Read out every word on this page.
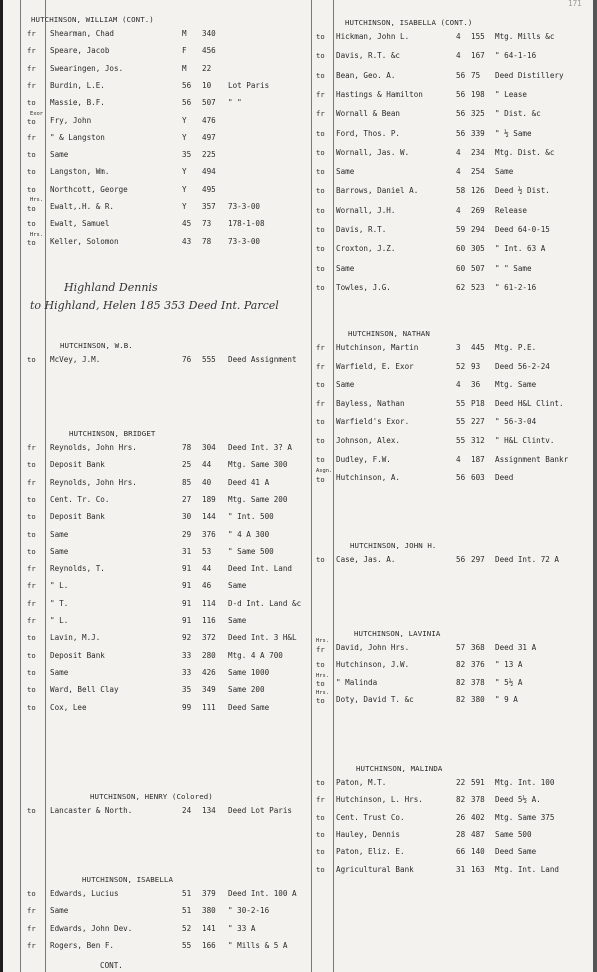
171
HUTCHINSON, WILLIAM (CONT.)
fr Shearman, Chad	M 340
fr Speare, Jacob	F 456
fr Swearingen, Jos.	M 22
fr Burdin, L.E.	56 10 Lot Paris
to Massie, B.F.	56 507 " "
Exor
to Fry, John	Y 476
fr " & Langston	Y 497
to Same	35 225
to Langston, Wm.	Y 494
to Northcott, George	Y 495
Hrs.
to Ewalt,.H. & R.	Y 357 73-3-00
to Ewalt, Samuel	45 73 178-1-08
Hrs.
to Keller, Solomon	43 78 73-3-00
HUTCHINSON, W.B.
to McVey, J.M.	76 555 Deed Assignment
HUTCHINSON, BRIDGET
fr Reynolds, John Hrs.	78 304 Deed Int. 3? A
to Deposit Bank	25 44 Mtg. Same 300
fr Reynolds, John Hrs.	85 40 Deed 41 A
to Cent. Tr. Co.	27 189 Mtg. Same 200
to Deposit Bank	30 144 " Int. 500
to Same	29 376 " 4 A 300
to Same	31 53 " Same 500
fr Reynolds, T.	91 44 Deed Int. Land
fr " L.	91 46 Same
fr " T.	91 114 D-d Int. Land &c
fr " L.	91 116 Same
to Lavin, M.J.	92 372 Deed Int. 3 H&L
to Deposit Bank	33 280 Mtg. 4 A 700
to Same	33 426 Same 1000
to Ward, Bell Clay	35 349 Same 200
to Cox, Lee	99 111 Deed Same
HUTCHINSON, HENRY (Colored)
to Lancaster & North.	24 134 Deed Lot Paris
HUTCHINSON, ISABELLA
to Edwards, Lucius	51 379 Deed Int. 100 A
fr Same	51 380 " 30-2-16
fr Edwards, John Dev.	52 141 " 33 A
fr Rogers, Ben F.	55 166 " Mills & 5 A
HUTCHINSON, ISABELLA (CONT.)
to Hickman, John L.	4 155 Mtg. Mills &c
to Davis, R.T. &c	4 167 " 64-1-16
to Bean, Geo. A.	56 75 Deed Distillery
fr Hastings & Hamilton	56 198 " Lease
fr Wornall & Bean	56 325 " Dist. &c
to Ford, Thos. P.	56 339 " ½ Same
to Wornall, Jas. W.	4 234 Mtg. Dist. &c
to Same	4 254 Same
to Barrows, Daniel A.	58 126 Deed ½ Dist.
to Wornall, J.H.	4 269 Release
to Davis, R.T.	59 294 Deed 64-0-15
to Croxton, J.Z.	60 305 " Int. 63 A
to Same	60 507 " " Same
to Towles, J.G.	62 523 " 61-2-16
HUTCHINSON, NATHAN
fr Hutchinson, Martin	3 445 Mtg. P.E.
fr Warfield, E. Exor	52 93 Deed 56-2-24
to Same	4 36 Mtg. Same
fr Bayless, Nathan	55 P18 Deed H&L Clint.
to Warfield's Exor.	55 227 " 56-3-04
to Johnson, Alex.	55 312 " H&L Clintv.
to Dudley, F.W.	4 187 Assignment Bankr
Asgn.
to Hutchinson, A.	56 603 Deed
HUTCHINSON, JOHN H.
to Case, Jas. A.	56 297 Deed Int. 72 A
HUTCHINSON, LAVINIA
Hrs.
fr David, John Hrs.	57 368 Deed 31 A
to Hutchinson, J.W.	82 376 " 13 A
Hrs.
to " Malinda	82 378 " 5½ A
Hrs.
to Doty, David T. &c	82 380 " 9 A
HUTCHINSON, MALINDA
to Paton, M.T.	22 591 Mtg. Int. 100
fr Hutchinson, L. Hrs.	82 378 Deed 5½ A.
to Cent. Trust Co.	26 402 Mtg. Same 375
to Hauley, Dennis	28 487 Same 500
to Paton, Eliz. E.	66 140 Deed Same
to Agricultural Bank	31 163 Mtg. Int. Land
Highland Dennis
to Highland, Helen 185 353 Deed Int. Parcel
CONT.
